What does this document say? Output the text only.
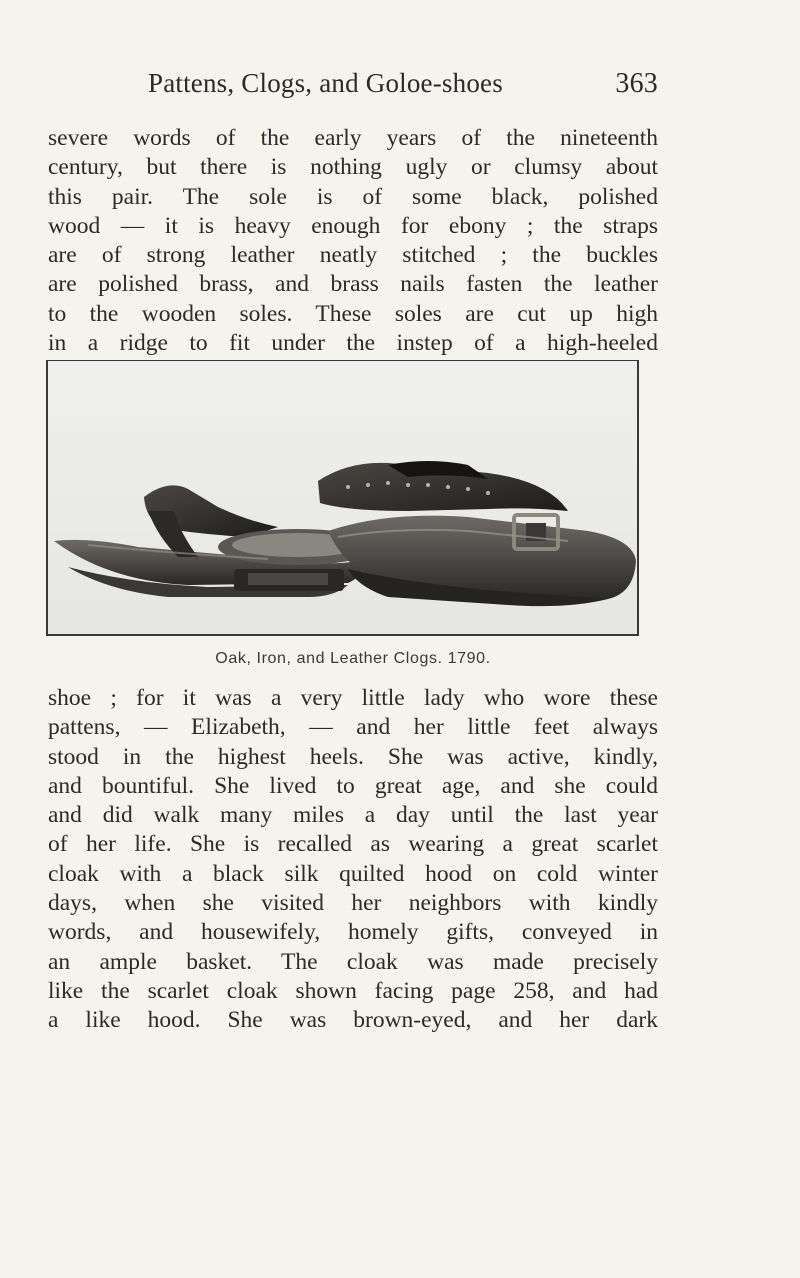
Pattens, Clogs, and Goloe-shoes	363
severe words of the early years of the nineteenth
century, but there is nothing ugly or clumsy about
this pair. The sole is of some black, polished
wood — it is heavy enough for ebony ; the straps
are of strong leather neatly stitched ; the buckles
are polished brass, and brass nails fasten the leather
to the wooden soles. These soles are cut up high
in a ridge to fit under the instep of a high-heeled
Oak, Iron, and Leather Clogs. 1790.
shoe ; for it was a very little lady who wore these
pattens, — Elizabeth, — and her little feet always
stood in the highest heels. She was active, kindly,
and bountiful. She lived to great age, and she could
and did walk many miles a day until the last year
of her life. She is recalled as wearing a great scarlet
cloak with a black silk quilted hood on cold winter
days, when she visited her neighbors with kindly
words, and housewifely, homely gifts, conveyed in
an ample basket. The cloak was made precisely
like the scarlet cloak shown facing page 258, and had
a like hood. She was brown-eyed, and her dark
